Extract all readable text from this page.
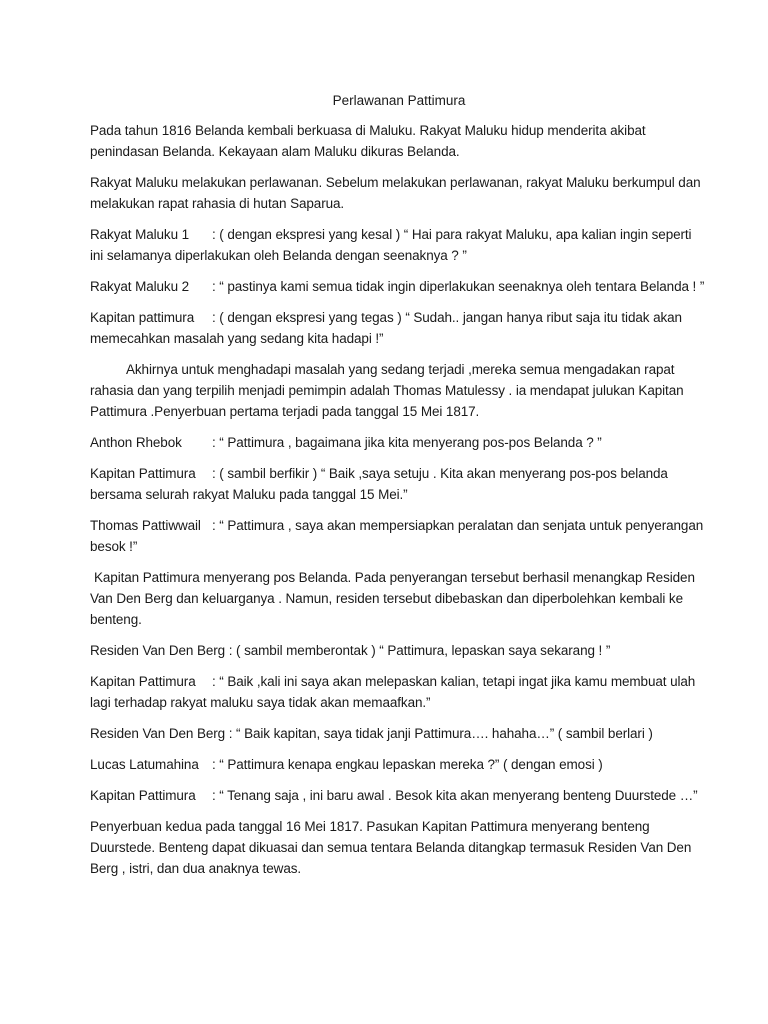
Perlawanan Pattimura

Pada tahun 1816 Belanda kembali berkuasa di Maluku. Rakyat Maluku hidup menderita akibat penindasan Belanda. Kekayaan alam Maluku dikuras Belanda.

Rakyat Maluku melakukan perlawanan. Sebelum melakukan perlawanan, rakyat Maluku berkumpul dan melakukan rapat rahasia di hutan Saparua.

Rakyat Maluku 1 : ( dengan ekspresi yang kesal ) “ Hai para rakyat Maluku, apa kalian ingin seperti ini selamanya diperlakukan oleh Belanda dengan seenaknya ? ”

Rakyat Maluku 2 : “ pastinya kami semua tidak ingin diperlakukan seenaknya oleh tentara Belanda ! ”

Kapitan pattimura : ( dengan ekspresi yang tegas ) “ Sudah.. jangan hanya ribut saja itu tidak akan memecahkan masalah yang sedang kita hadapi !”

Akhirnya untuk menghadapi masalah yang sedang terjadi ,mereka semua mengadakan rapat rahasia dan yang terpilih menjadi pemimpin adalah Thomas Matulessy . ia mendapat julukan Kapitan Pattimura .Penyerbuan pertama terjadi pada tanggal 15 Mei 1817.

Anthon Rhebok : “ Pattimura , bagaimana jika kita menyerang pos-pos Belanda ? ”

Kapitan Pattimura : ( sambil berfikir ) “ Baik ,saya setuju . Kita akan menyerang pos-pos belanda bersama selurah rakyat Maluku pada tanggal 15 Mei.”

Thomas Pattiwwail : “ Pattimura , saya akan mempersiapkan peralatan dan senjata untuk penyerangan besok !”

Kapitan Pattimura menyerang pos Belanda. Pada penyerangan tersebut berhasil menangkap Residen Van Den Berg dan keluarganya . Namun, residen tersebut dibebaskan dan diperbolehkan kembali ke benteng.

Residen Van Den Berg : ( sambil memberontak ) “ Pattimura, lepaskan saya sekarang ! ”

Kapitan Pattimura : “ Baik ,kali ini saya akan melepaskan kalian, tetapi ingat jika kamu membuat ulah lagi terhadap rakyat maluku saya tidak akan memaafkan.”

Residen Van Den Berg : “ Baik kapitan, saya tidak janji Pattimura…. hahaha…” ( sambil berlari )

Lucas Latumahina : “ Pattimura kenapa engkau lepaskan mereka ?” ( dengan emosi )

Kapitan Pattimura : “ Tenang saja , ini baru awal . Besok kita akan menyerang benteng Duurstede …”

Penyerbuan kedua pada tanggal 16 Mei 1817. Pasukan Kapitan Pattimura menyerang benteng Duurstede. Benteng dapat dikuasai dan semua tentara Belanda ditangkap termasuk Residen Van Den Berg , istri, dan dua anaknya tewas.
